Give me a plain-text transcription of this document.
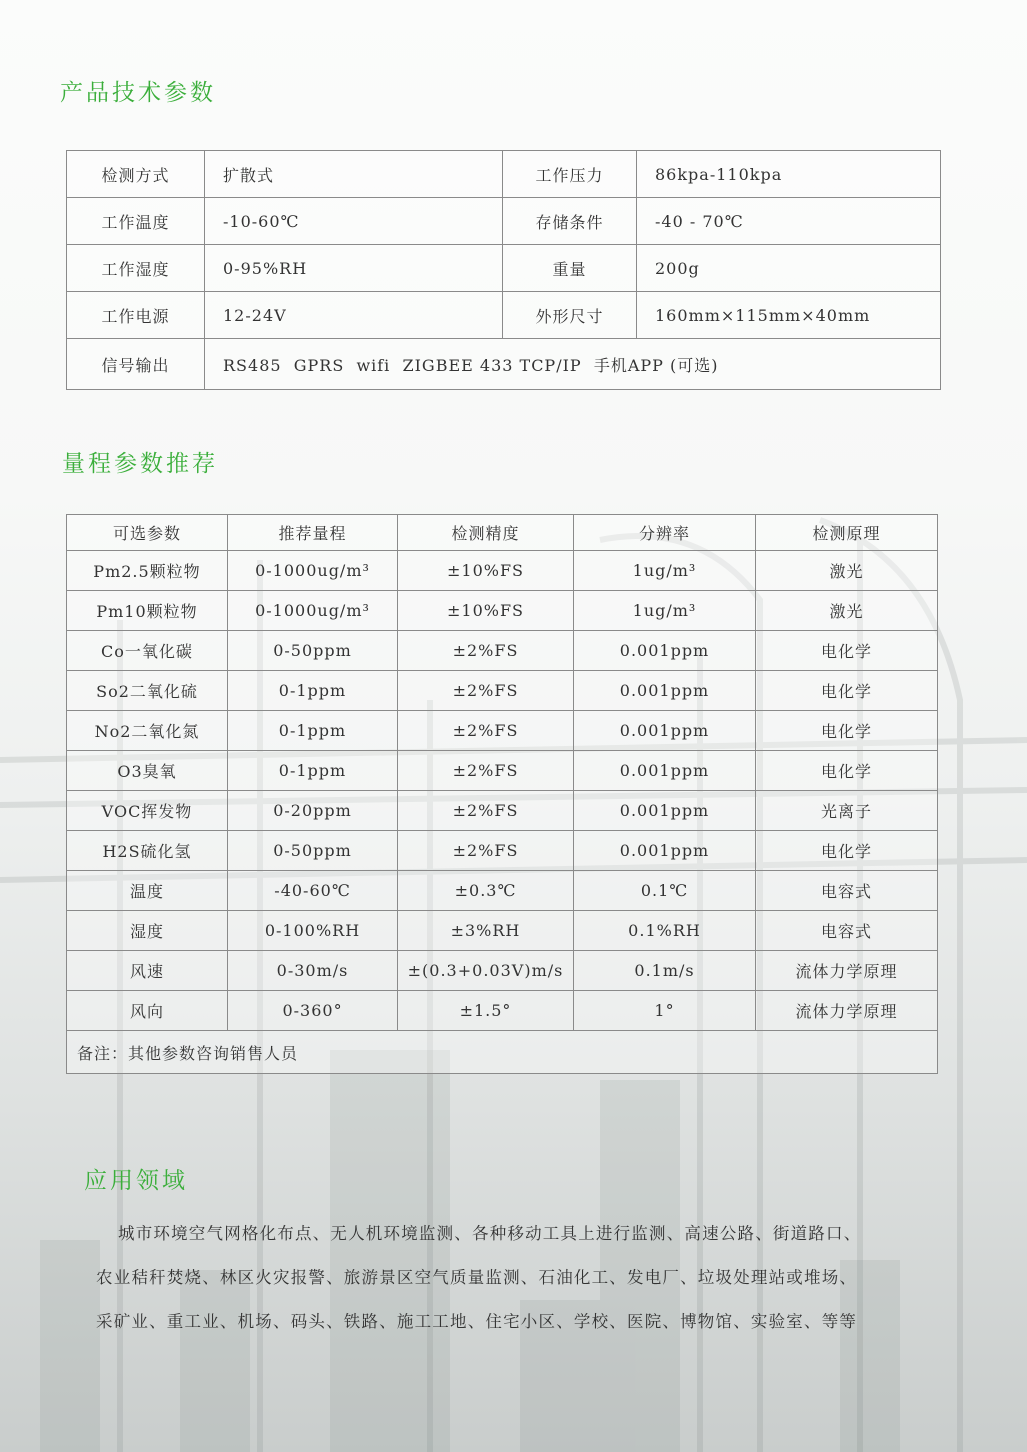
产品技术参数
检测方式	扩散式	工作压力	86kpa-110kpa
工作温度	-10-60℃	存储条件	-40 - 70℃
工作湿度	0-95%RH	重量	200g
工作电源	12-24V	外形尺寸	160mm×115mm×40mm
信号输出	RS485  GPRS  wifi  ZIGBEE 433 TCP/IP  手机APP (可选)		
量程参数推荐
可选参数	推荐量程	检测精度	分辨率	检测原理
Pm2.5颗粒物	0-1000ug/m³	±10%FS	1ug/m³	激光
Pm10颗粒物	0-1000ug/m³	±10%FS	1ug/m³	激光
Co一氧化碳	0-50ppm	±2%FS	0.001ppm	电化学
So2二氧化硫	0-1ppm	±2%FS	0.001ppm	电化学
No2二氧化氮	0-1ppm	±2%FS	0.001ppm	电化学
O3臭氧	0-1ppm	±2%FS	0.001ppm	电化学
VOC挥发物	0-20ppm	±2%FS	0.001ppm	光离子
H2S硫化氢	0-50ppm	±2%FS	0.001ppm	电化学
温度	-40-60℃	±0.3℃	0.1℃	电容式
湿度	0-100%RH	±3%RH	0.1%RH	电容式
风速	0-30m/s	±(0.3+0.03V)m/s	0.1m/s	流体力学原理
风向	0-360°	±1.5°	1°	流体力学原理
备注：其他参数咨询销售人员				
应用领域

城市环境空气网格化布点、无人机环境监测、各种移动工具上进行监测、高速公路、街道路口、

农业秸秆焚烧、林区火灾报警、旅游景区空气质量监测、石油化工、发电厂、垃圾处理站或堆场、

采矿业、重工业、机场、码头、铁路、施工工地、住宅小区、学校、医院、博物馆、实验室、等等
